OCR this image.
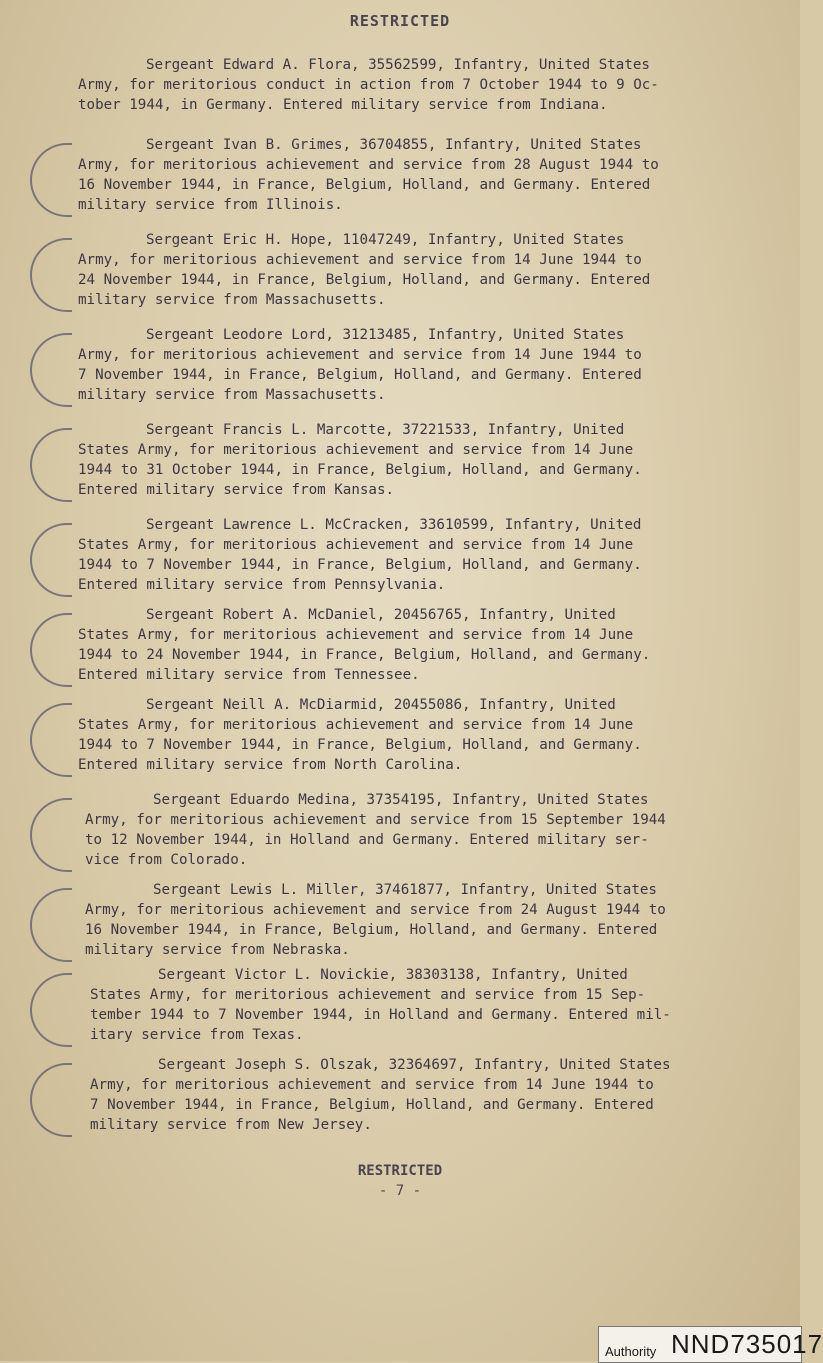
RESTRICTED
Sergeant Edward A. Flora, 35562599, Infantry, United States
Army, for meritorious conduct in action from 7 October 1944 to 9 Oc-
tober 1944, in Germany. Entered military service from Indiana.
Sergeant Ivan B. Grimes, 36704855, Infantry, United States
Army, for meritorious achievement and service from 28 August 1944 to
16 November 1944, in France, Belgium, Holland, and Germany. Entered
military service from Illinois.
Sergeant Eric H. Hope, 11047249, Infantry, United States
Army, for meritorious achievement and service from 14 June 1944 to
24 November 1944, in France, Belgium, Holland, and Germany. Entered
military service from Massachusetts.
Sergeant Leodore Lord, 31213485, Infantry, United States
Army, for meritorious achievement and service from 14 June 1944 to
7 November 1944, in France, Belgium, Holland, and Germany. Entered
military service from Massachusetts.
Sergeant Francis L. Marcotte, 37221533, Infantry, United
States Army, for meritorious achievement and service from 14 June
1944 to 31 October 1944, in France, Belgium, Holland, and Germany.
Entered military service from Kansas.
Sergeant Lawrence L. McCracken, 33610599, Infantry, United
States Army, for meritorious achievement and service from 14 June
1944 to 7 November 1944, in France, Belgium, Holland, and Germany.
Entered military service from Pennsylvania.
Sergeant Robert A. McDaniel, 20456765, Infantry, United
States Army, for meritorious achievement and service from 14 June
1944 to 24 November 1944, in France, Belgium, Holland, and Germany.
Entered military service from Tennessee.
Sergeant Neill A. McDiarmid, 20455086, Infantry, United
States Army, for meritorious achievement and service from 14 June
1944 to 7 November 1944, in France, Belgium, Holland, and Germany.
Entered military service from North Carolina.
Sergeant Eduardo Medina, 37354195, Infantry, United States
Army, for meritorious achievement and service from 15 September 1944
to 12 November 1944, in Holland and Germany. Entered military ser-
vice from Colorado.
Sergeant Lewis L. Miller, 37461877, Infantry, United States
Army, for meritorious achievement and service from 24 August 1944 to
16 November 1944, in France, Belgium, Holland, and Germany. Entered
military service from Nebraska.
Sergeant Victor L. Novickie, 38303138, Infantry, United
States Army, for meritorious achievement and service from 15 Sep-
tember 1944 to 7 November 1944, in Holland and Germany. Entered mil-
itary service from Texas.
Sergeant Joseph S. Olszak, 32364697, Infantry, United States
Army, for meritorious achievement and service from 14 June 1944 to
7 November 1944, in France, Belgium, Holland, and Germany. Entered
military service from New Jersey.
RESTRICTED
- 7 -
Authority NND735017
